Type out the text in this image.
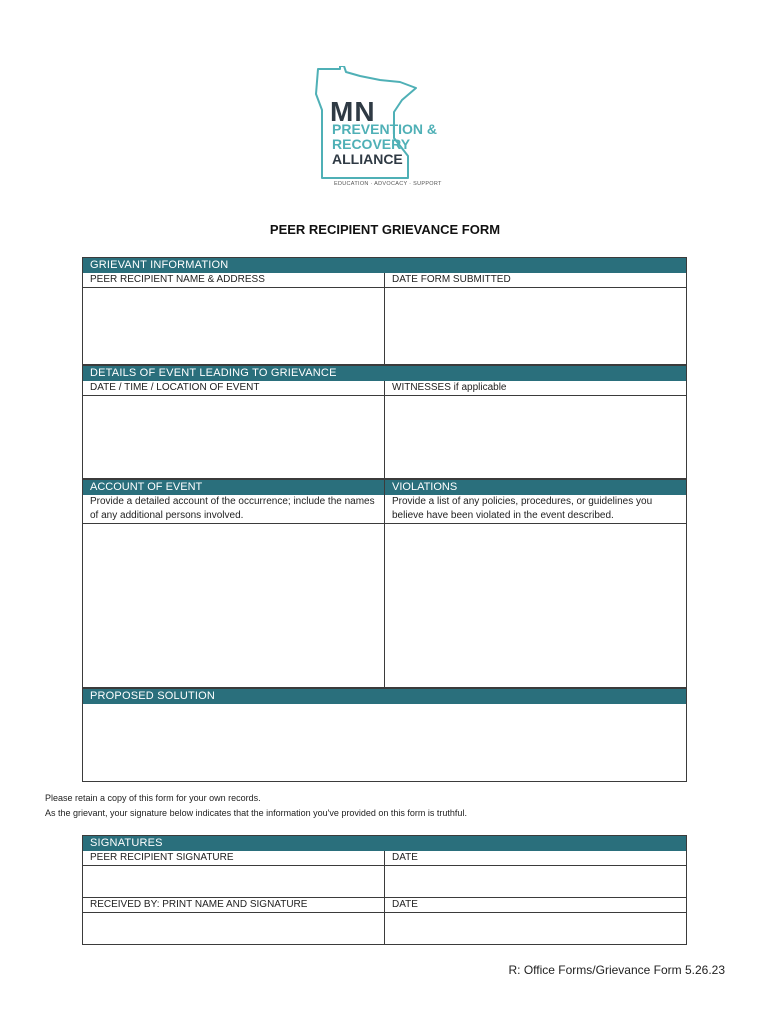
MN
PREVENTION &
RECOVERY
ALLIANCE
EDUCATION · ADVOCACY · SUPPORT
PEER RECIPIENT GRIEVANCE FORM
GRIEVANT INFORMATION
PEER RECIPIENT NAME & ADDRESS	DATE FORM SUBMITTED
DETAILS OF EVENT LEADING TO GRIEVANCE
DATE / TIME / LOCATION OF EVENT	WITNESSES if applicable
ACCOUNT OF EVENT	VIOLATIONS
Provide a detailed account of the occurrence; include the names of any additional persons involved.
Provide a list of any policies, procedures, or guidelines you believe have been violated in the event described.
PROPOSED SOLUTION
Please retain a copy of this form for your own records.
As the grievant, your signature below indicates that the information you've provided on this form is truthful.
SIGNATURES
PEER RECIPIENT SIGNATURE	DATE
RECEIVED BY: PRINT NAME AND SIGNATURE	DATE
R: Office Forms/Grievance Form 5.26.23
